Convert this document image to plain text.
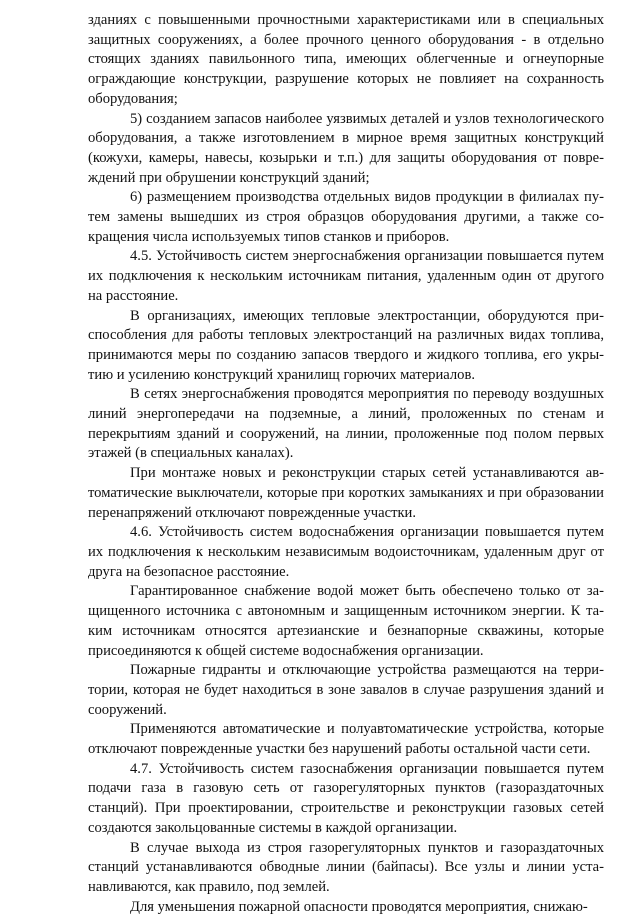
зданиях с повышенными прочностными характеристиками или в специальных защитных сооружениях, а более прочного ценного оборудования - в отдельно стоящих зданиях павильонного типа, имеющих облегченные и огнеупорные ограждающие конструкции, разрушение которых не повлияет на сохранность оборудования;

5) созданием запасов наиболее уязвимых деталей и узлов технологического оборудования, а также изготовлением в мирное время защитных конструкций (кожухи, камеры, навесы, козырьки и т.п.) для защиты оборудования от повреждений при обрушении конструкций зданий;

6) размещением производства отдельных видов продукции в филиалах путем замены вышедших из строя образцов оборудования другими, а также сокращения числа используемых типов станков и приборов.

4.5. Устойчивость систем энергоснабжения организации повышается путем их подключения к нескольким источникам питания, удаленным один от другого на расстояние.

В организациях, имеющих тепловые электростанции, оборудуются приспособления для работы тепловых электростанций на различных видах топлива, принимаются меры по созданию запасов твердого и жидкого топлива, его укрытию и усилению конструкций хранилищ горючих материалов.

В сетях энергоснабжения проводятся мероприятия по переводу воздушных линий энергопередачи на подземные, а линий, проложенных по стенам и перекрытиям зданий и сооружений, на линии, проложенные под полом первых этажей (в специальных каналах).

При монтаже новых и реконструкции старых сетей устанавливаются автоматические выключатели, которые при коротких замыканиях и при образовании перенапряжений отключают поврежденные участки.

4.6. Устойчивость систем водоснабжения организации повышается путем их подключения к нескольким независимым водоисточникам, удаленным друг от друга на безопасное расстояние.

Гарантированное снабжение водой может быть обеспечено только от защищенного источника с автономным и защищенным источником энергии. К таким источникам относятся артезианские и безнапорные скважины, которые присоединяются к общей системе водоснабжения организации.

Пожарные гидранты и отключающие устройства размещаются на территории, которая не будет находиться в зоне завалов в случае разрушения зданий и сооружений.

Применяются автоматические и полуавтоматические устройства, которые отключают поврежденные участки без нарушений работы остальной части сети.

4.7. Устойчивость систем газоснабжения организации повышается путем подачи газа в газовую сеть от газорегуляторных пунктов (газораздаточных станций). При проектировании, строительстве и реконструкции газовых сетей создаются закольцованные системы в каждой организации.

В случае выхода из строя газорегуляторных пунктов и газораздаточных станций устанавливаются обводные линии (байпасы). Все узлы и линии устанавливаются, как правило, под землей.

Для уменьшения пожарной опасности проводятся мероприятия, снижаю-
